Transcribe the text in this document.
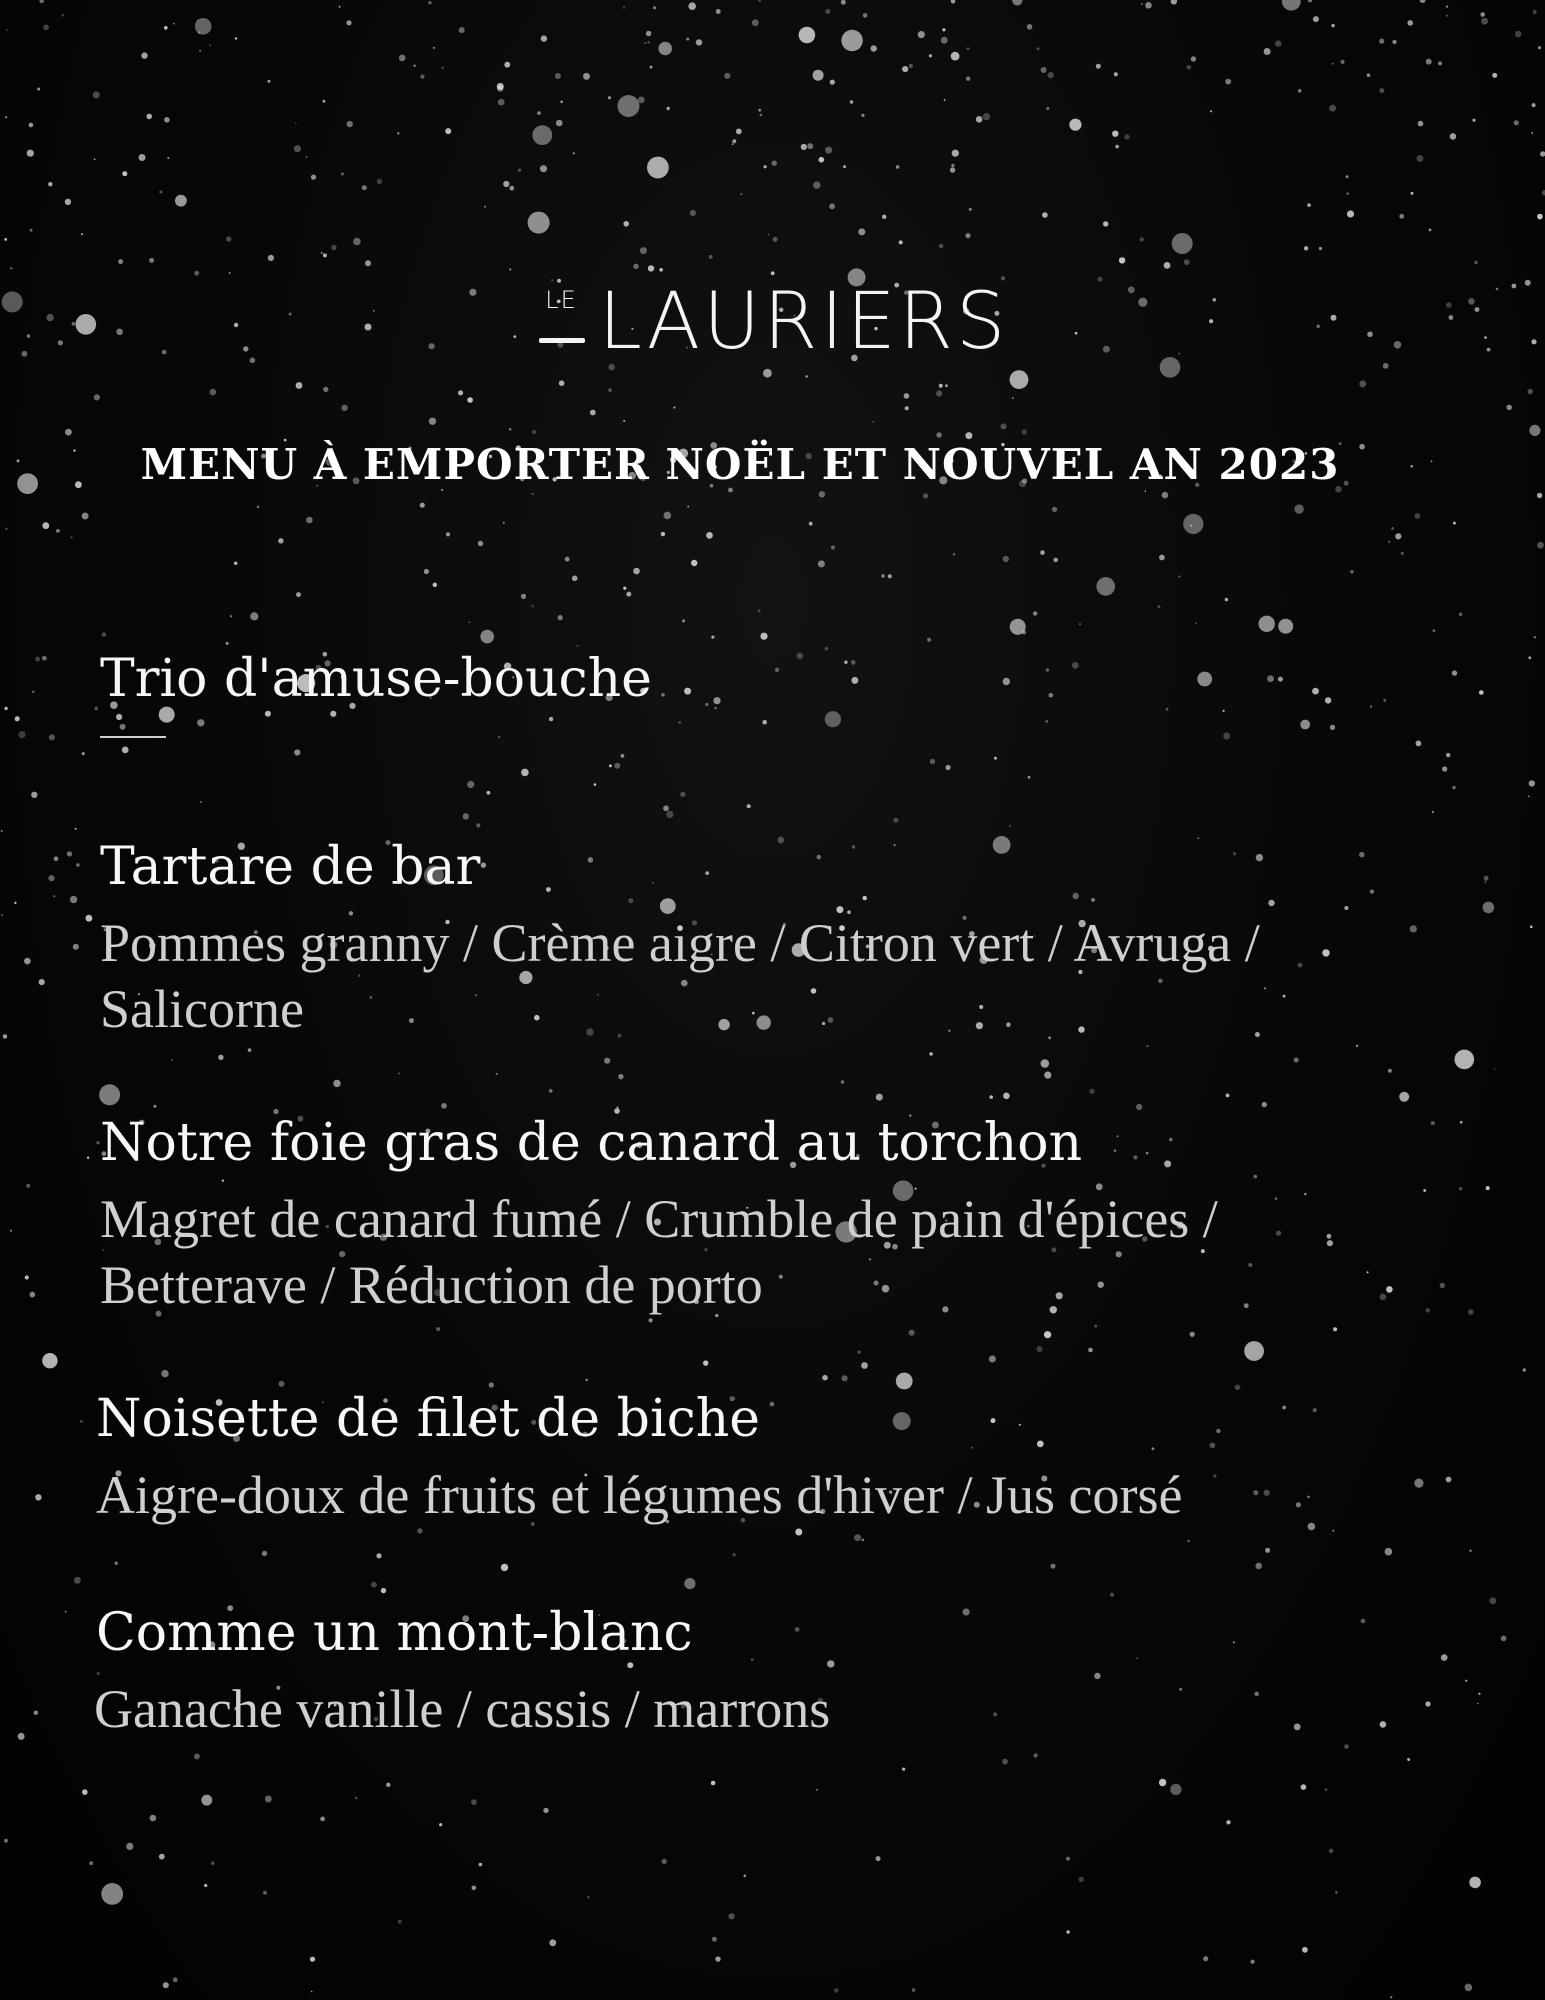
LE LAURIERS
MENU À EMPORTER NOËL ET NOUVEL AN 2023
Trio d'amuse-bouche
Tartare de bar
Pommes granny / Crème aigre / Citron vert / Avruga / Salicorne
Notre foie gras de canard au torchon
Magret de canard fumé / Crumble de pain d'épices / Betterave / Réduction de porto
Noisette de filet de biche
Aigre-doux de fruits et légumes d'hiver / Jus corsé
Comme un mont-blanc
Ganache vanille / cassis / marrons
